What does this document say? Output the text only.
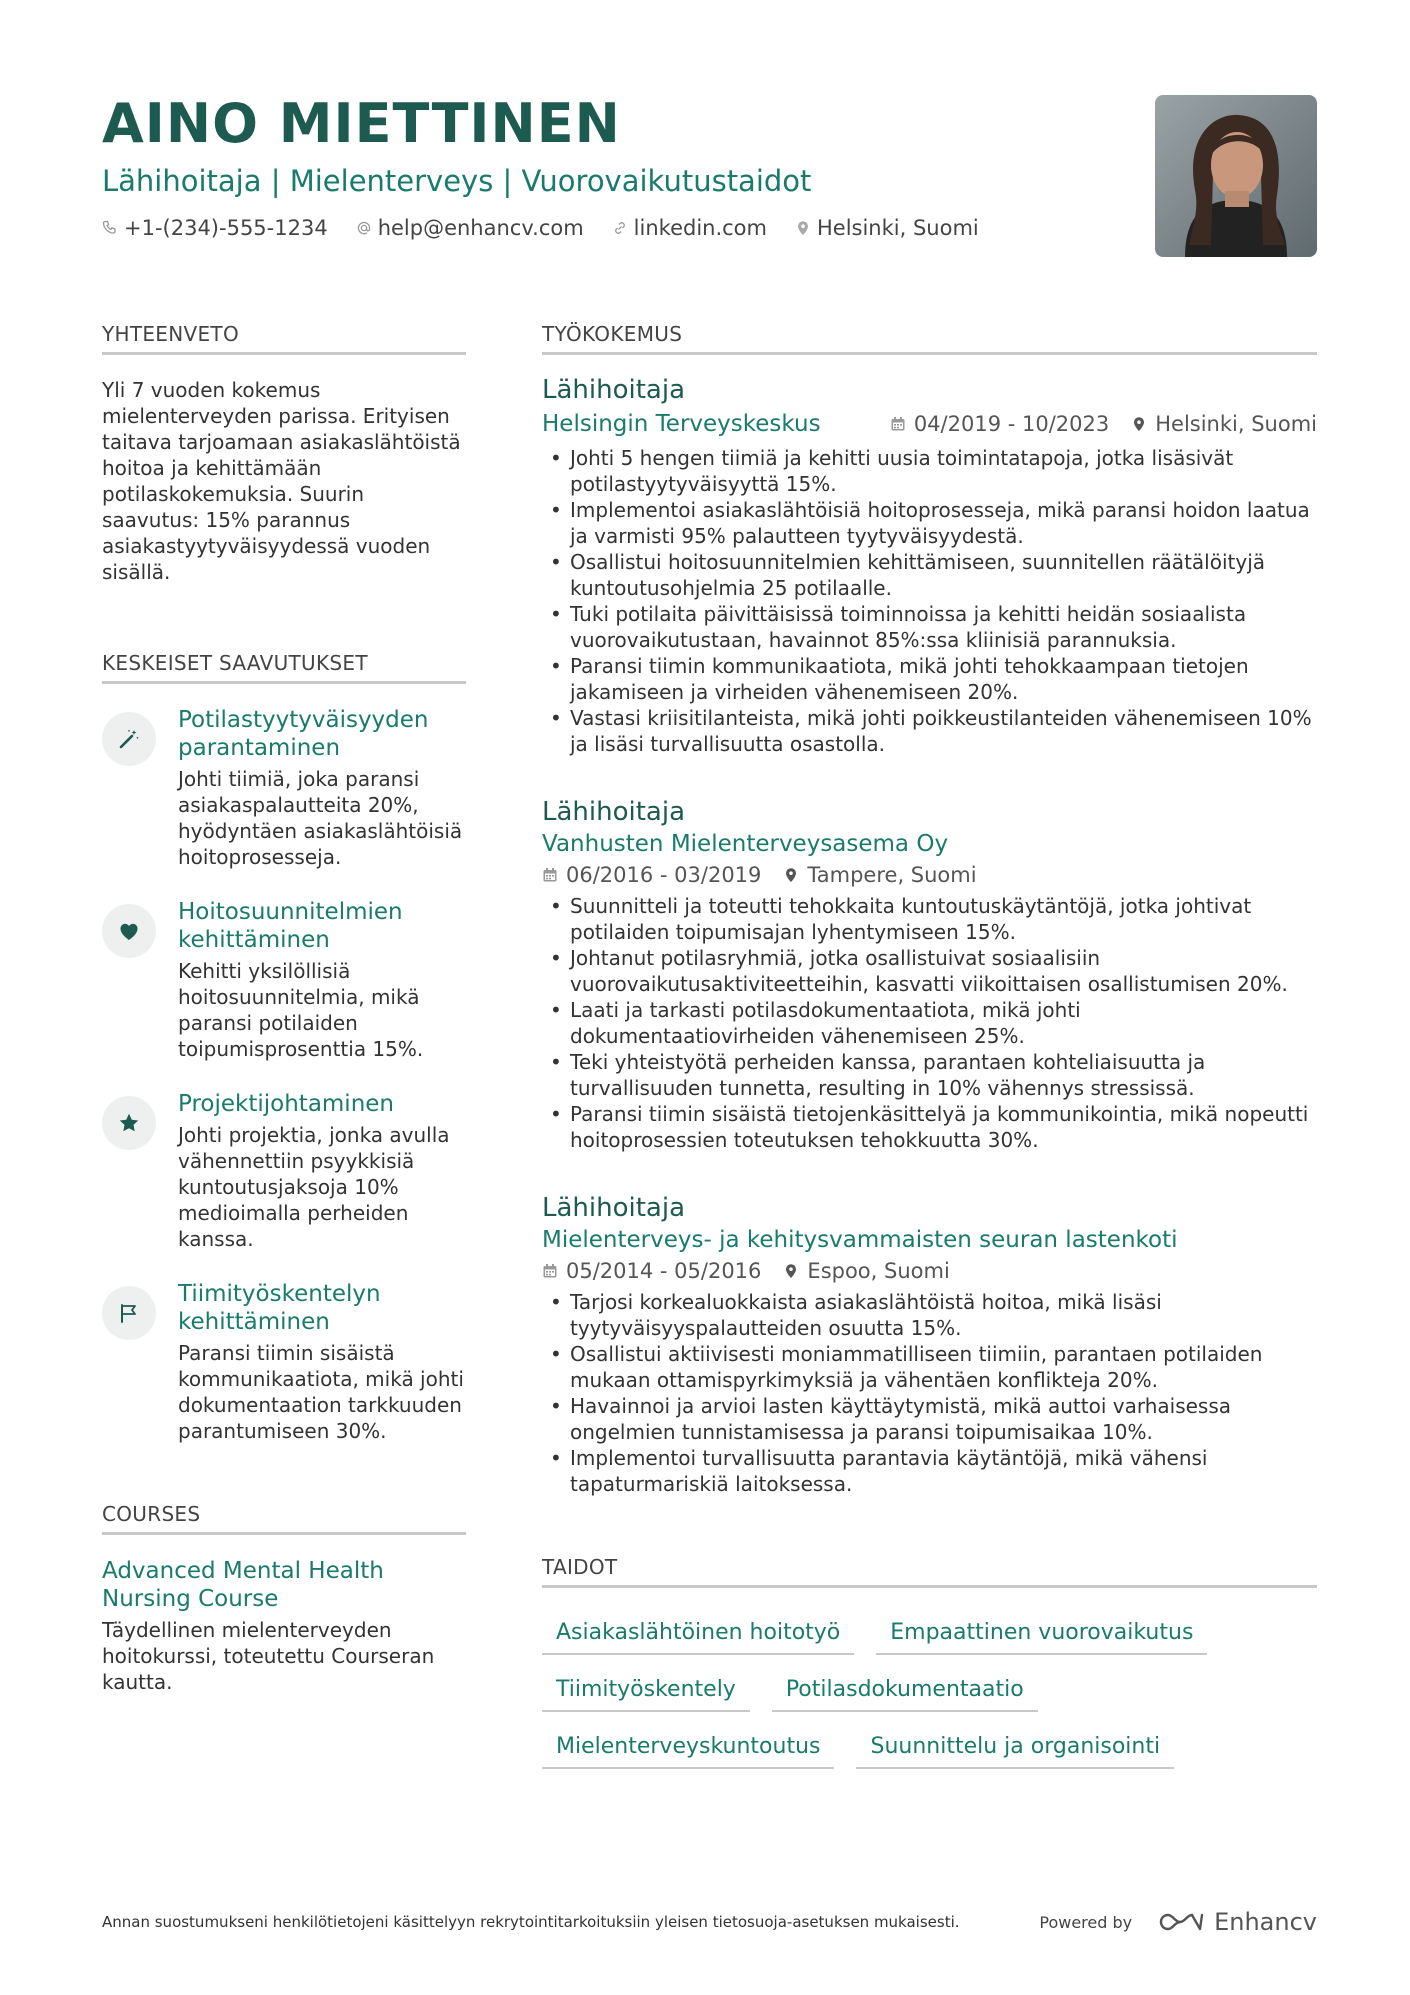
AINO MIETTINEN
Lähihoitaja | Mielenterveys | Vuorovaikutustaidot
+1-(234)-555-1234 help@enhancv.com linkedin.com Helsinki, Suomi
YHTEENVETO
Yli 7 vuoden kokemus mielenterveyden parissa. Erityisen taitava tarjoamaan asiakaslähtöistä hoitoa ja kehittämään potilaskokemuksia. Suurin saavutus: 15% parannus asiakastyytyväisyydessä vuoden sisällä.
KESKEISET SAAVUTUKSET
Potilastyytyväisyyden parantaminen
Johti tiimiä, joka paransi asiakaspalautteita 20%, hyödyntäen asiakaslähtöisiä hoitoprosesseja.
Hoitosuunnitelmien kehittäminen
Kehitti yksilöllisiä hoitosuunnitelmia, mikä paransi potilaiden toipumisprosenttia 15%.
Projektijohtaminen
Johti projektia, jonka avulla vähennettiin psyykkisiä kuntoutusjaksoja 10% medioimalla perheiden kanssa.
Tiimityöskentelyn kehittäminen
Paransi tiimin sisäistä kommunikaatiota, mikä johti dokumentaation tarkkuuden parantumiseen 30%.
COURSES
Advanced Mental Health Nursing Course
Täydellinen mielenterveyden hoitokurssi, toteutettu Courseran kautta.
TYÖKOKEMUS
Lähihoitaja
Helsingin Terveyskeskus	04/2019 - 10/2023 Helsinki, Suomi
• Johti 5 hengen tiimiä ja kehitti uusia toimintatapoja, jotka lisäsivät potilastyytyväisyyttä 15%.
• Implementoi asiakaslähtöisiä hoitoprosesseja, mikä paransi hoidon laatua ja varmisti 95% palautteen tyytyväisyydestä.
• Osallistui hoitosuunnitelmien kehittämiseen, suunnitellen räätälöityjä kuntoutusohjelmia 25 potilaalle.
• Tuki potilaita päivittäisissä toiminnoissa ja kehitti heidän sosiaalista vuorovaikutustaan, havainnot 85%:ssa kliinisiä parannuksia.
• Paransi tiimin kommunikaatiota, mikä johti tehokkaampaan tietojen jakamiseen ja virheiden vähenemiseen 20%.
• Vastasi kriisitilanteista, mikä johti poikkeustilanteiden vähenemiseen 10% ja lisäsi turvallisuutta osastolla.
Lähihoitaja
Vanhusten Mielenterveysasema Oy
06/2016 - 03/2019 Tampere, Suomi
• Suunnitteli ja toteutti tehokkaita kuntoutuskäytäntöjä, jotka johtivat potilaiden toipumisajan lyhentymiseen 15%.
• Johtanut potilasryhmiä, jotka osallistuivat sosiaalisiin vuorovaikutusaktiviteetteihin, kasvatti viikoittaisen osallistumisen 20%.
• Laati ja tarkasti potilasdokumentaatiota, mikä johti dokumentaatiovirheiden vähenemiseen 25%.
• Teki yhteistyötä perheiden kanssa, parantaen kohteliaisuutta ja turvallisuuden tunnetta, resulting in 10% vähennys stressissä.
• Paransi tiimin sisäistä tietojenkäsittelyä ja kommunikointia, mikä nopeutti hoitoprosessien toteutuksen tehokkuutta 30%.
Lähihoitaja
Mielenterveys- ja kehitysvammaisten seuran lastenkoti
05/2014 - 05/2016 Espoo, Suomi
• Tarjosi korkealuokkaista asiakaslähtöistä hoitoa, mikä lisäsi tyytyväisyyspalautteiden osuutta 15%.
• Osallistui aktiivisesti moniammatilliseen tiimiin, parantaen potilaiden mukaan ottamispyrkimyksiä ja vähentäen konflikteja 20%.
• Havainnoi ja arvioi lasten käyttäytymistä, mikä auttoi varhaisessa ongelmien tunnistamisessa ja paransi toipumisaikaa 10%.
• Implementoi turvallisuutta parantavia käytäntöjä, mikä vähensi tapaturmariskiä laitoksessa.
TAIDOT
Asiakaslähtöinen hoitotyö	Empaattinen vuorovaikutus
Tiimityöskentely	Potilasdokumentaatio
Mielenterveyskuntoutus	Suunnittelu ja organisointi
Annan suostumukseni henkilötietojeni käsittelyyn rekrytointitarkoituksiin yleisen tietosuoja-asetuksen mukaisesti.	Powered by	Enhancv
